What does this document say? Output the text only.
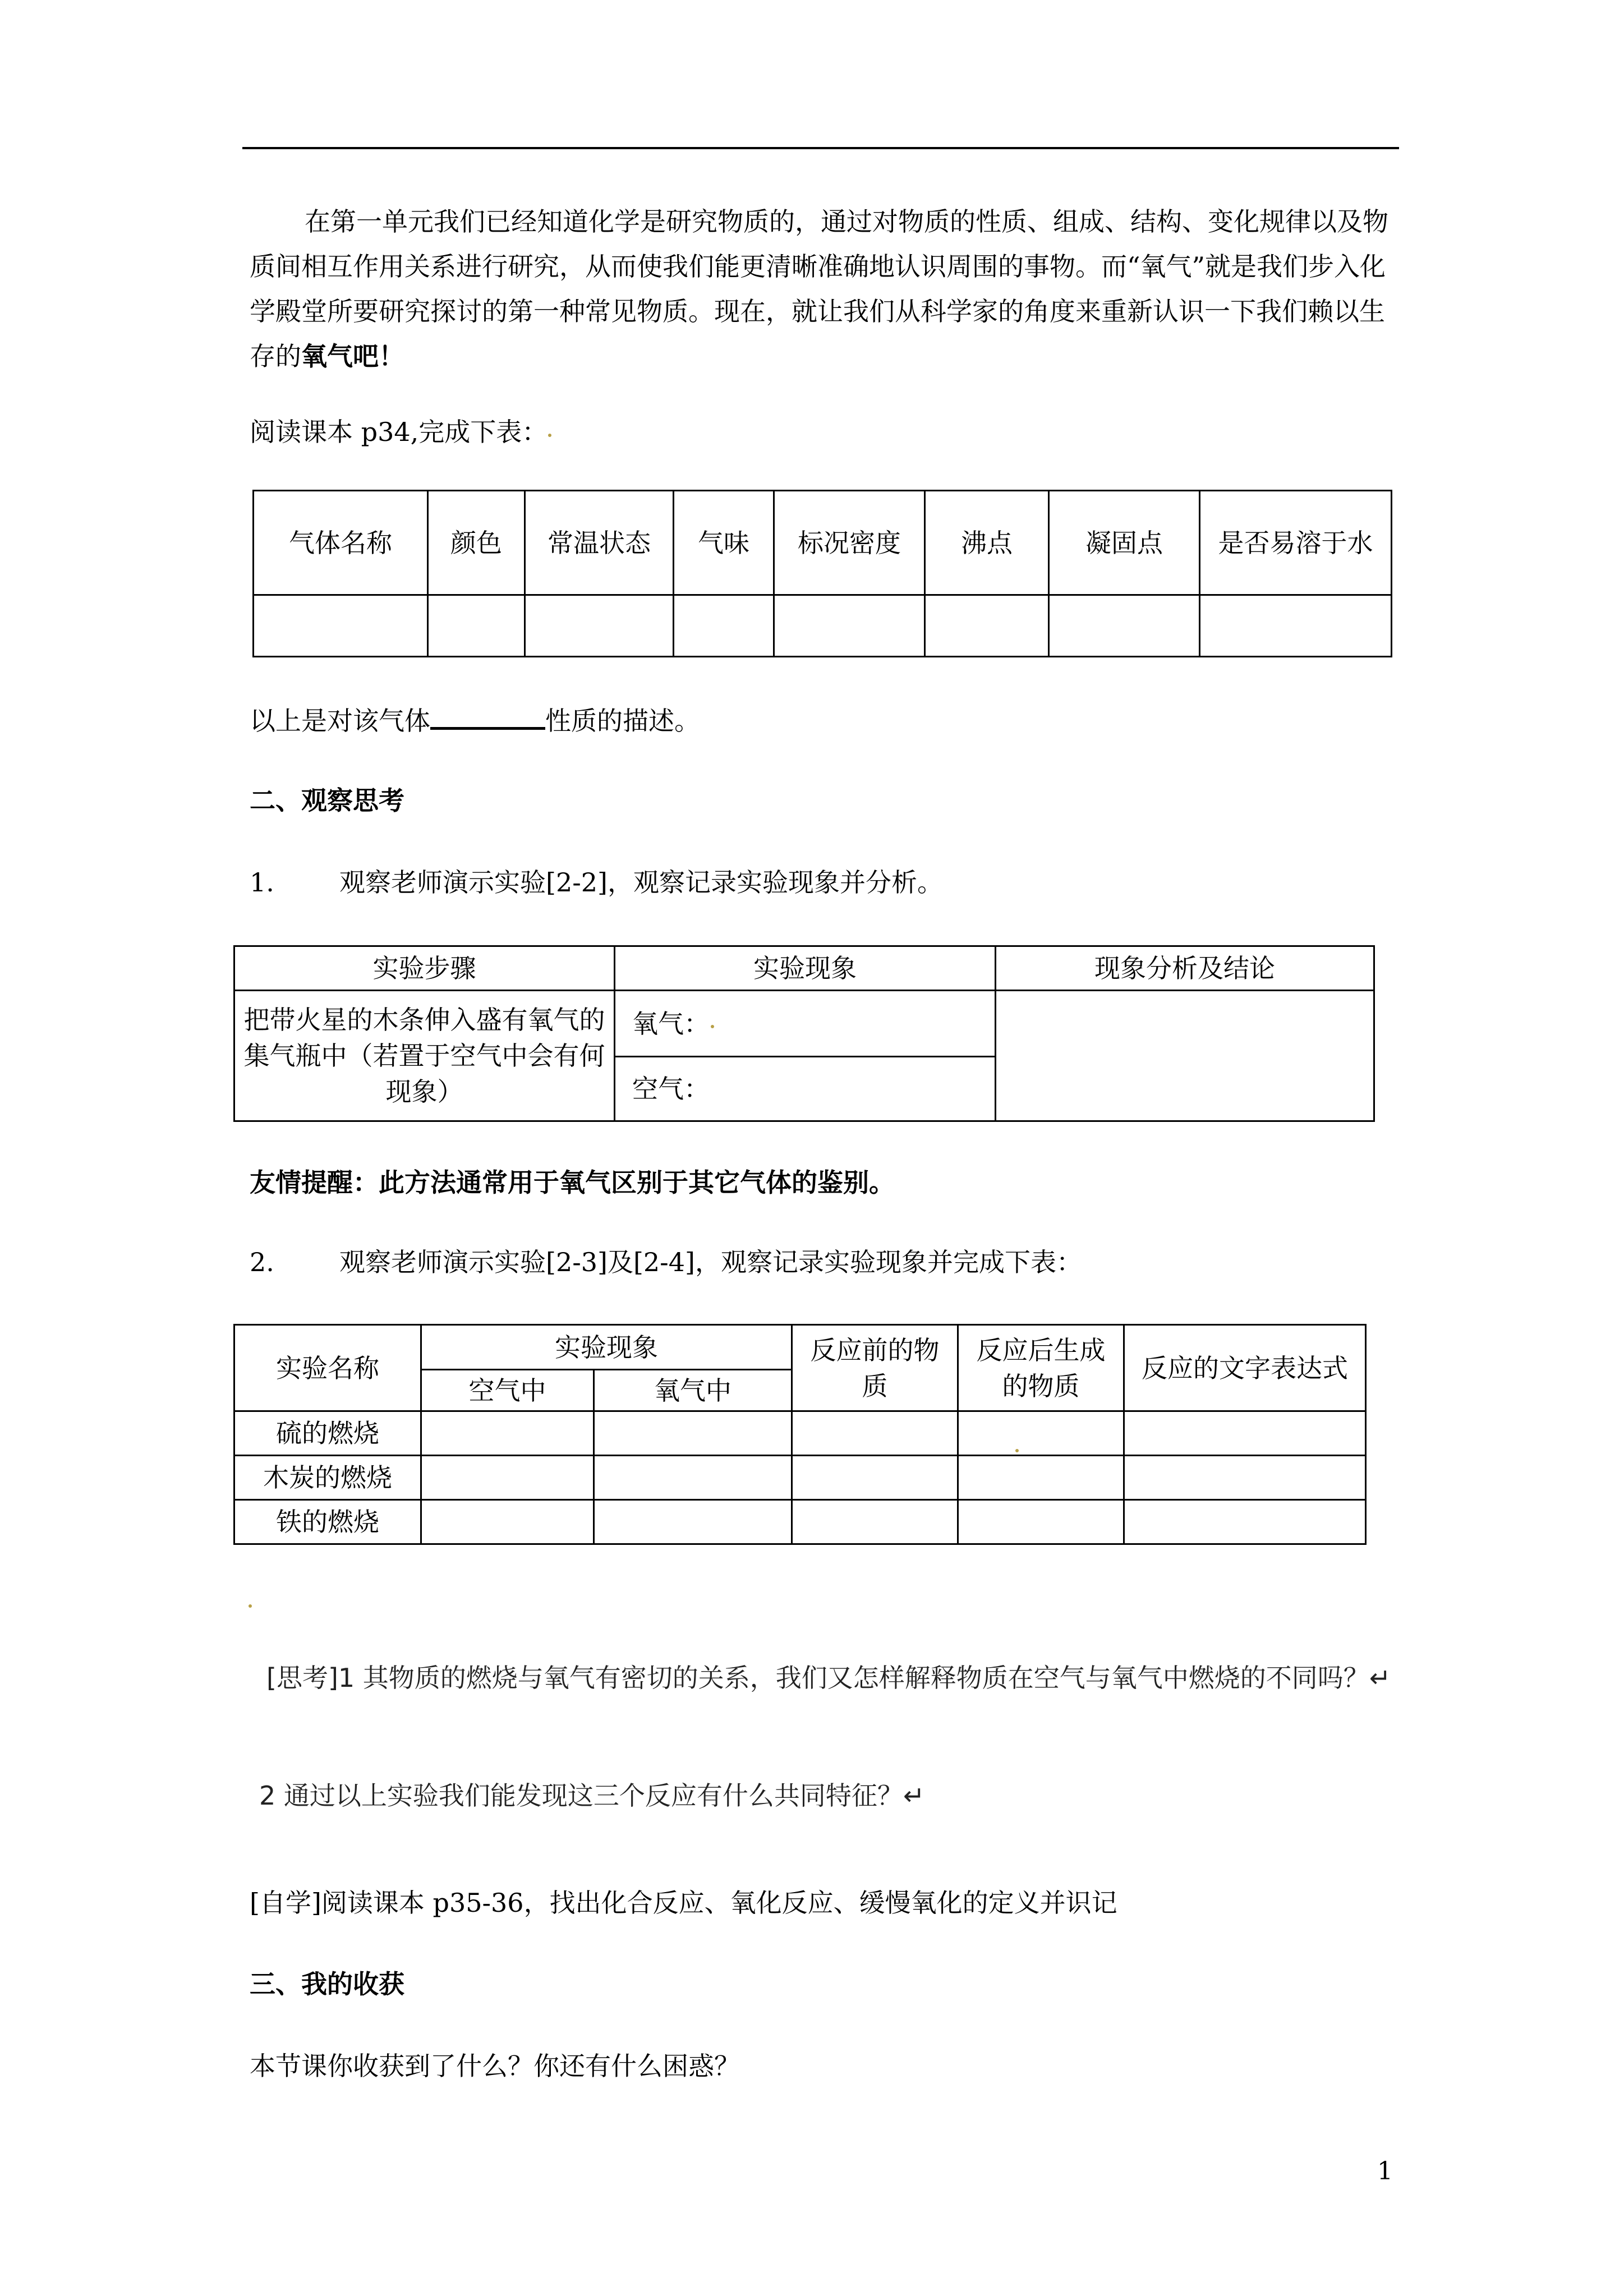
在第一单元我们已经知道化学是研究物质的，通过对物质的性质、组成、结构、变化规律以及物质间相互作用关系进行研究，从而使我们能更清晰准确地认识周围的事物。而“氧气”就是我们步入化学殿堂所要研究探讨的第一种常见物质。现在，就让我们从科学家的角度来重新认识一下我们赖以生存的氧气吧！
阅读课本 p34,完成下表：
气体名称	颜色	常温状态	气味	标况密度	沸点	凝固点	是否易溶于水

以上是对该气体	性质的描述。
二、观察思考
1.	观察老师演示实验[2-2]，观察记录实验现象并分析。
实验步骤	实验现象	现象分析及结论
把带火星的木条伸入盛有氧气的集气瓶中（若置于空气中会有何现象）	氧气：	
	空气：	
友情提醒：此方法通常用于氧气区别于其它气体的鉴别。
2.	观察老师演示实验[2-3]及[2-4]，观察记录实验现象并完成下表：
实验名称	实验现象		反应前的物质	反应后生成的物质	反应的文字表达式
	空气中	氧气中			
硫的燃烧					
木炭的燃烧					
铁的燃烧					
[思考]1 其物质的燃烧与氧气有密切的关系，我们又怎样解释物质在空气与氧气中燃烧的不同吗？↵
2 通过以上实验我们能发现这三个反应有什么共同特征？↵
[自学]阅读课本 p35-36，找出化合反应、氧化反应、缓慢氧化的定义并识记
三、我的收获
本节课你收获到了什么？你还有什么困惑？
1
